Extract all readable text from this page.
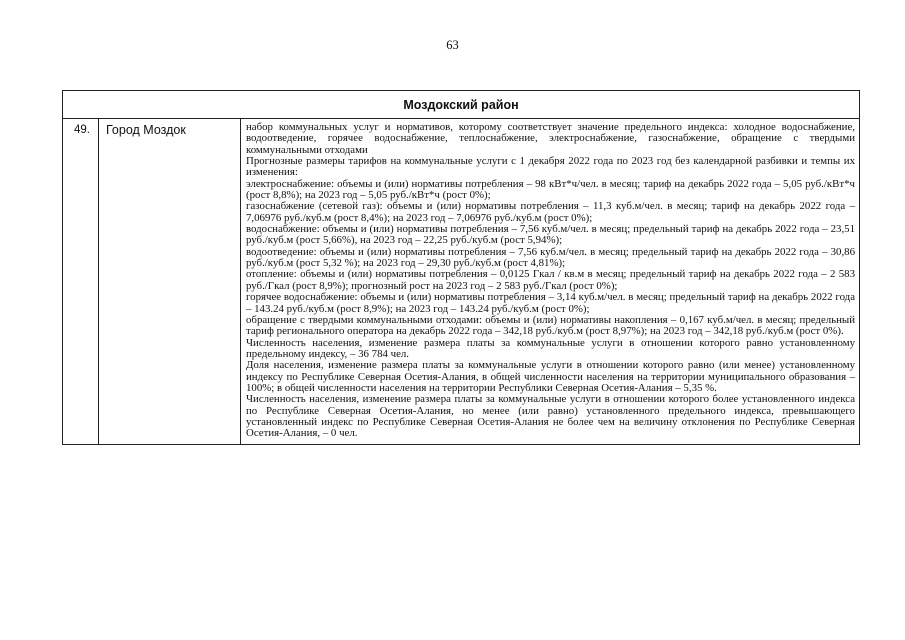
63
Моздокский район
49.	Город Моздок	набор коммунальных услуг и нормативов, которому соответствует значение предельного индекса: холодное водоснабжение, водоотведение, горячее водоснабжение, теплоснабжение, электроснабжение, газоснабжение, обращение с твердыми коммунальными отходами

Прогнозные размеры тарифов на коммунальные услуги с 1 декабря 2022 года по 2023 год без календарной разбивки и темпы их изменения:

электроснабжение: объемы и (или) нормативы потребления – 98 кВт*ч/чел. в месяц; тариф на декабрь 2022 года – 5,05 руб./кВт*ч (рост 8,8%); на 2023 год – 5,05 руб./кВт*ч (рост 0%);

газоснабжение (сетевой газ): объемы и (или) нормативы потребления – 11,3 куб.м/чел. в месяц; тариф на декабрь 2022 года – 7,06976 руб./куб.м (рост 8,4%); на 2023 год – 7,06976 руб./куб.м (рост 0%);

водоснабжение: объемы и (или) нормативы потребления – 7,56 куб.м/чел. в месяц; предельный тариф на декабрь 2022 года – 23,51 руб./куб.м (рост 5,66%), на 2023 год – 22,25 руб./куб.м (рост 5,94%);

водоотведение: объемы и (или) нормативы потребления – 7,56 куб.м/чел. в месяц; предельный тариф на декабрь 2022 года – 30,86 руб./куб.м (рост 5,32 %); на 2023 год – 29,30 руб./куб.м (рост 4,81%);

отопление: объемы и (или) нормативы потребления – 0,0125 Гкал / кв.м в месяц; предельный тариф на декабрь 2022 года – 2 583 руб./Гкал (рост 8,9%); прогнозный рост на 2023 год – 2 583 руб./Гкал (рост 0%);

горячее водоснабжение: объемы и (или) нормативы потребления – 3,14 куб.м/чел. в месяц; предельный тариф на декабрь 2022 года – 143.24 руб./куб.м (рост 8,9%); на 2023 год – 143.24 руб./куб.м (рост 0%);

обращение с твердыми коммунальными отходами: объемы и (или) нормативы накопления – 0,167 куб.м/чел. в месяц; предельный тариф регионального оператора на декабрь 2022 года – 342,18 руб./куб.м (рост 8,97%); на 2023 год – 342,18 руб./куб.м (рост 0%).

Численность населения, изменение размера платы за коммунальные услуги в отношении которого равно установленному предельному индексу, – 36 784 чел.

Доля населения, изменение размера платы за коммунальные услуги в отношении которого равно (или менее) установленному индексу по Республике Северная Осетия-Алания, в общей численности населения на территории муниципального образования – 100%; в общей численности населения на территории Республики Северная Осетия-Алания – 5,35 %.

Численность населения, изменение размера платы за коммунальные услуги в отношении которого более установленного индекса по Республике Северная Осетия-Алания, но менее (или равно) установленного предельного индекса, превышающего установленный индекс по Республике Северная Осетия-Алания не более чем на величину отклонения по Республике Северная Осетия-Алания, – 0 чел.
